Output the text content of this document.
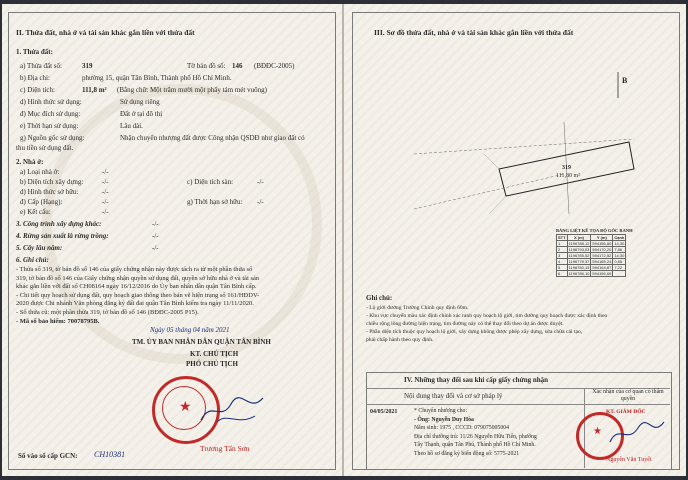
II. Thửa đất, nhà ở và tài sản khác gắn liền với thửa đất
1. Thửa đất:
a) Thửa đất số:	319	Tờ bản đồ số: 146 (BĐĐC-2005)
b) Địa chỉ:	phường 15, quận Tân Bình, Thành phố Hồ Chí Minh.
c) Diện tích:	111,8 m² (Bằng chữ: Một trăm mười một phẩy tám mét vuông)
d) Hình thức sử dụng:	Sử dụng riêng
đ) Mục đích sử dụng:	Đất ở tại đô thị
e) Thời hạn sử dụng:	Lâu dài.
g) Nguồn gốc sử dụng:	Nhận chuyển nhượng đất được Công nhận QSDĐ như giao đất có
thu tiền sử dụng đất.
2. Nhà ở:
a) Loại nhà ở:	-/-
b) Diện tích xây dựng:	-/-	c) Diện tích sàn:	-/-
d) Hình thức sở hữu:	-/-
đ) Cấp (Hạng):	-/-	g) Thời hạn sở hữu: -/-
e) Kết cấu:	-/-
3. Công trình xây dựng khác:	-/-
4. Rừng sản xuất là rừng trồng:	-/-
5. Cây lâu năm:	-/-
6. Ghi chú:
- Thửa số 319, tờ bản đồ số 146 của giấy chứng nhận này được tách ra từ một phần thửa số
319, tờ bản đồ số 146 của Giấy chứng nhận quyền sử dụng đất, quyền sở hữu nhà ở và tài sản
khác gắn liền với đất số CH08164 ngày 16/12/2016 do Ủy ban nhân dân quận Tân Bình cấp.
- Chi tiết quy hoạch sử dụng đất, quy hoạch giao thông theo bản vẽ hiện trạng số 161/HĐDV-
2020 được Chi nhánh Văn phòng đăng ký đất đai quận Tân Bình kiểm tra ngày 11/11/2020.
- Số thửa cũ: một phần thửa 319, tờ bản đồ số 146 (BĐĐC-2005 P15).
- Mã số bảo hiểm: 70078795B.
Ngày 05 tháng 04 năm 2021
TM. ỦY BAN NHÂN DÂN QUẬN TÂN BÌNH
KT. CHỦ TỊCH
PHÓ CHỦ TỊCH
★
Trương Tấn Sơn
Số vào sổ cấp GCN: CH10381
III. Sơ đồ thửa đất, nhà ở và tài sản khác gắn liền với thửa đất
B
319
111,80 m²
BẢNG LIỆT KÊ TỌA ĐỘ GÓC RANH
STT	X (m)	Y (m)	Cạnh
1	1196788,12	594156,80	14,30
2	1196793,03	594170,20	7,86
3	1196785,52	594172,52	14,30
4	1196779,37	594165,24	0,85
5	1196780,13	594164,87	7,22
6	1196786,10	594156,69	
Ghi chú:
- Lộ giới đường Trường Chinh quy định 60m.
- Khu vực chuyển màu xác định chính xác ranh quy hoạch lộ giới, tim đường quy hoạch được xác định theo
chiều rộng lòng đường hiện trạng, tim đường này có thể thay đổi theo dự án được duyệt.
- Phần diện tích thuộc quy hoạch lộ giới, xây dựng không được phép xây dựng, sửa chữa cải tạo,
phải chấp hành theo quy định.
IV. Những thay đổi sau khi cấp giấy chứng nhận
Nội dung thay đổi và cơ sở pháp lý	Xác nhận của cơ quan có thẩm quyền
04/05/2021	* Chuyển nhượng cho:
- Ông: Nguyễn Duy Hòa
Năm sinh: 1975 , CCCD: 079075005004
Địa chỉ thường trú: 11/26 Nguyễn Hữu Tiến, phường
Tây Thạnh, quận Tân Phú, Thành phố Hồ Chí Minh.
Theo hồ sơ đăng ký biến động số: 5775-2021
KT. GIÁM ĐỐC
★
Nguyễn Văn Tuyết
